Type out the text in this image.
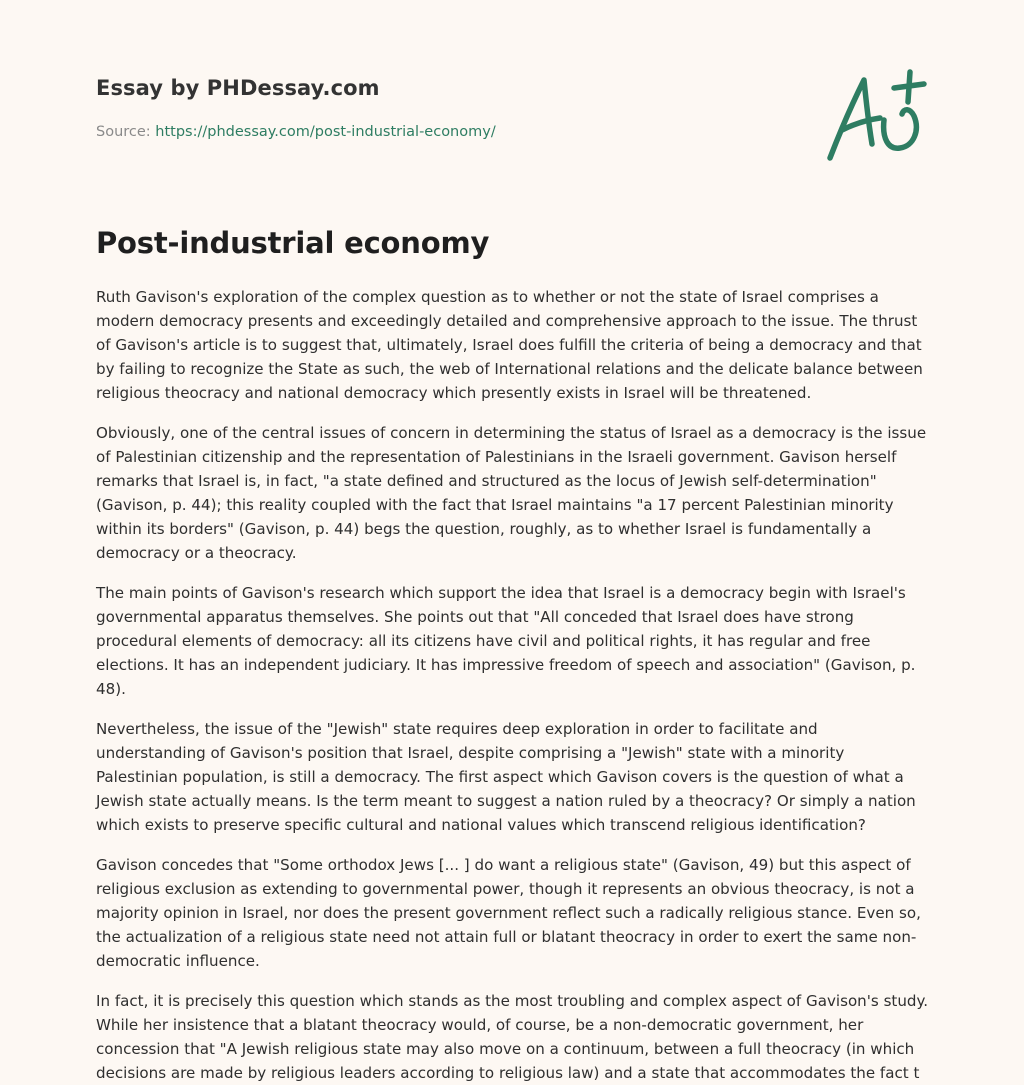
Essay by PHDessay.com
Source: https://phdessay.com/post-industrial-economy/
Post-industrial economy

Ruth Gavison's exploration of the complex question as to whether or not the state of Israel comprises a modern democracy presents and exceedingly detailed and comprehensive approach to the issue. The thrust of Gavison's article is to suggest that, ultimately, Israel does fulfill the criteria of being a democracy and that by failing to recognize the State as such, the web of International relations and the delicate balance between religious theocracy and national democracy which presently exists in Israel will be threatened.

Obviously, one of the central issues of concern in determining the status of Israel as a democracy is the issue of Palestinian citizenship and the representation of Palestinians in the Israeli government. Gavison herself remarks that Israel is, in fact, "a state defined and structured as the locus of Jewish self-determination" (Gavison, p. 44); this reality coupled with the fact that Israel maintains "a 17 percent Palestinian minority within its borders" (Gavison, p. 44) begs the question, roughly, as to whether Israel is fundamentally a democracy or a theocracy.

The main points of Gavison's research which support the idea that Israel is a democracy begin with Israel's governmental apparatus themselves. She points out that "All conceded that Israel does have strong procedural elements of democracy: all its citizens have civil and political rights, it has regular and free elections. It has an independent judiciary. It has impressive freedom of speech and association" (Gavison, p. 48).

Nevertheless, the issue of the "Jewish" state requires deep exploration in order to facilitate and understanding of Gavison's position that Israel, despite comprising a "Jewish" state with a minority Palestinian population, is still a democracy. The first aspect which Gavison covers is the question of what a Jewish state actually means. Is the term meant to suggest a nation ruled by a theocracy? Or simply a nation which exists to preserve specific cultural and national values which transcend religious identification?

Gavison concedes that "Some orthodox Jews [... ] do want a religious state" (Gavison, 49) but this aspect of religious exclusion as extending to governmental power, though it represents an obvious theocracy, is not a majority opinion in Israel, nor does the present government reflect such a radically religious stance. Even so, the actualization of a religious state need not attain full or blatant theocracy in order to exert the same non-democratic influence.

In fact, it is precisely this question which stands as the most troubling and complex aspect of Gavison's study. While her insistence that a blatant theocracy would, of course, be a non-democratic government, her concession that "A Jewish religious state may also move on a continuum, between a full theocracy (in which decisions are made by religious leaders according to religious law) and a state that accommodates the fact t
